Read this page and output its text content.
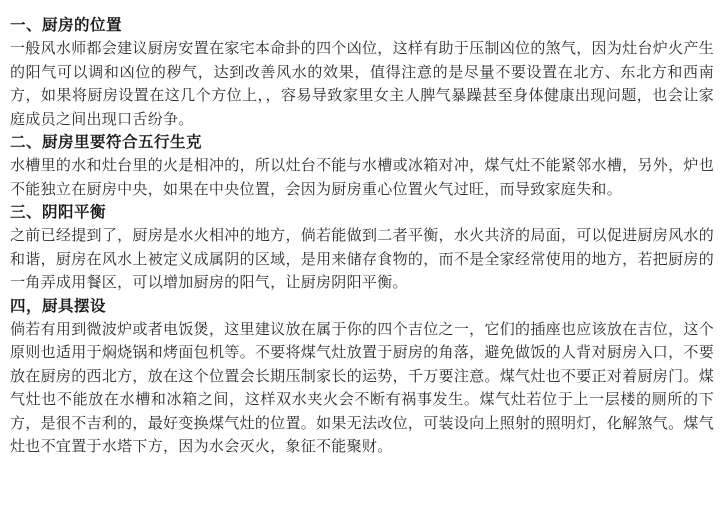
一、厨房的位置

一般风水师都会建议厨房安置在家宅本命卦的四个凶位，这样有助于压制凶位的煞气，因为灶台炉火产生的阳气可以调和凶位的秽气，达到改善风水的效果，值得注意的是尽量不要设置在北方、东北方和西南方，如果将厨房设置在这几个方位上，，容易导致家里女主人脾气暴躁甚至身体健康出现问题，也会让家庭成员之间出现口舌纷争。

二、厨房里要符合五行生克

水槽里的水和灶台里的火是相冲的，所以灶台不能与水槽或冰箱对冲，煤气灶不能紧邻水槽，另外，炉也不能独立在厨房中央，如果在中央位置，会因为厨房重心位置火气过旺，而导致家庭失和。

三、阴阳平衡

之前已经提到了，厨房是水火相冲的地方，倘若能做到二者平衡，水火共济的局面，可以促进厨房风水的和谐，厨房在风水上被定义成属阴的区域，是用来储存食物的，而不是全家经常使用的地方，若把厨房的一角弄成用餐区，可以增加厨房的阳气，让厨房阴阳平衡。

四，厨具摆设

倘若有用到微波炉或者电饭煲，这里建议放在属于你的四个吉位之一，它们的插座也应该放在吉位，这个原则也适用于焖烧锅和烤面包机等。不要将煤气灶放置于厨房的角落，避免做饭的人背对厨房入口，不要放在厨房的西北方，放在这个位置会长期压制家长的运势，千万要注意。煤气灶也不要正对着厨房门。煤气灶也不能放在水槽和冰箱之间，这样双水夹火会不断有祸事发生。煤气灶若位于上一层楼的厕所的下方，是很不吉利的，最好变换煤气灶的位置。如果无法改位，可装设向上照射的照明灯，化解煞气。煤气灶也不宜置于水塔下方，因为水会灭火，象征不能聚财。
